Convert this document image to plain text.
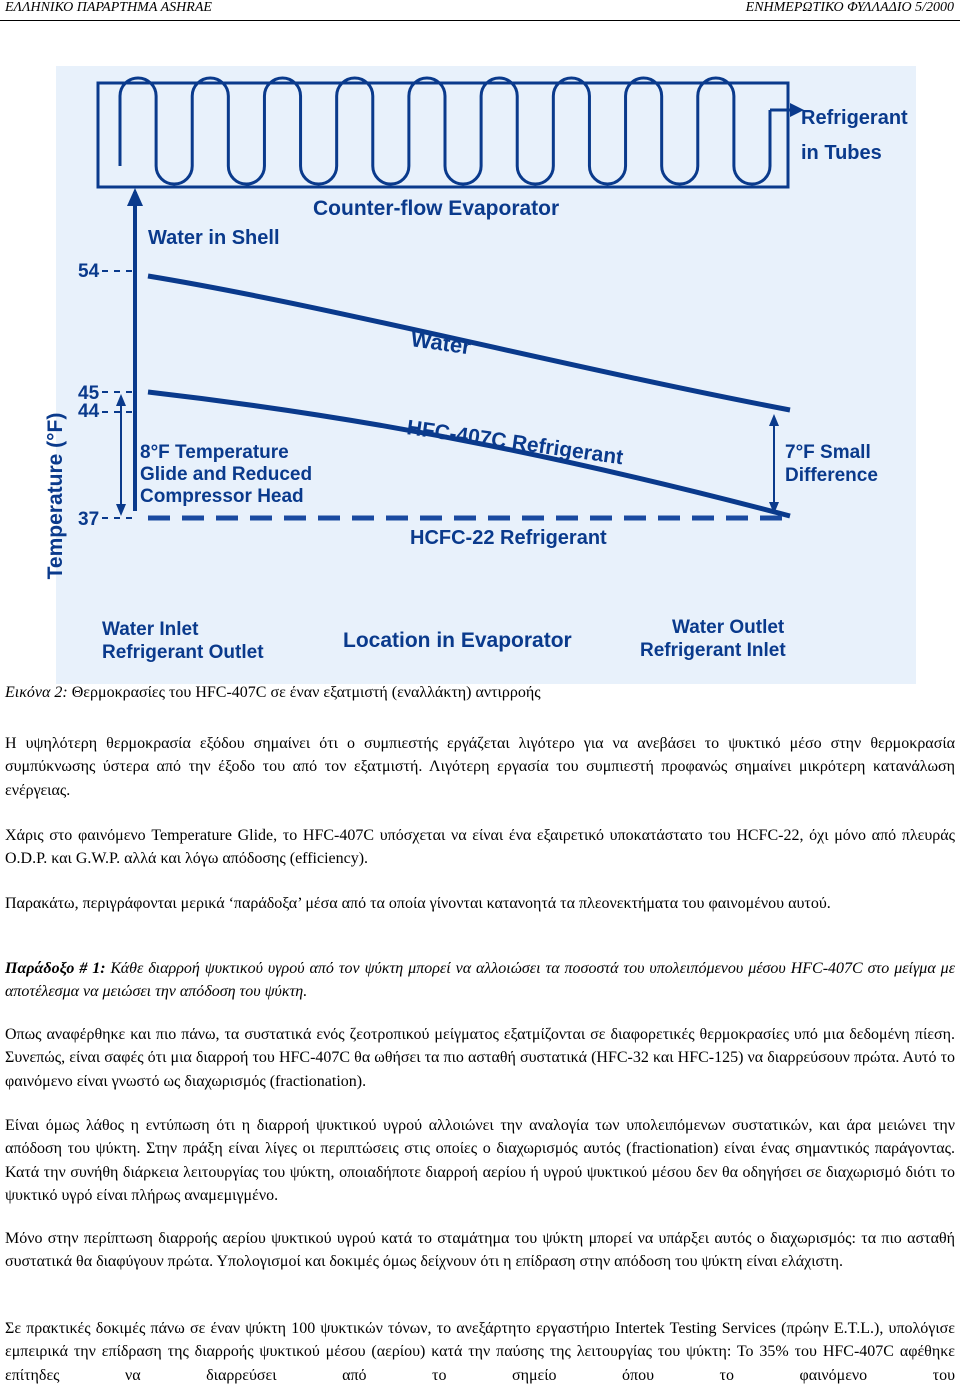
ΕΛΛΗΝΙΚΟ ΠΑΡΑΡΤΗΜΑ ASHRAE	ΕΝΗΜΕΡΩΤΙΚΟ ΦΥΛΛΑΔΙΟ 5/2000
Refrigerant in Tubes
Counter-flow Evaporator
Water in Shell
Temperature (°F)
54
45
44
37
Water
HFC-407C Refrigerant
HCFC-22 Refrigerant
8°F Temperature Glide and Reduced Compressor Head
7°F Small Difference
Water Inlet Refrigerant Outlet
Location in Evaporator
Water Outlet Refrigerant Inlet
Εικόνα 2: Θερμοκρασίες του HFC-407C σε έναν εξατμιστή (εναλλάκτη) αντιρροής
Η υψηλότερη θερμοκρασία εξόδου σημαίνει ότι ο συμπιεστής εργάζεται λιγότερο για να ανεβάσει το ψυκτικό μέσο στην θερμοκρασία συμπύκνωσης ύστερα από την έξοδο του από τον εξατμιστή. Λιγότερη εργασία του συμπιεστή προφανώς σημαίνει μικρότερη κατανάλωση ενέργειας.
Χάρις στο φαινόμενο Temperature Glide, το HFC-407C υπόσχεται να είναι ένα εξαιρετικό υποκατάστατο του HCFC-22, όχι μόνο από πλευράς O.D.P. και G.W.P. αλλά και λόγω απόδοσης (efficiency).
Παρακάτω, περιγράφονται μερικά ‘παράδοξα’ μέσα από τα οποία γίνονται κατανοητά τα πλεονεκτήματα του φαινομένου αυτού.
Παράδοξο # 1: Κάθε διαρροή ψυκτικού υγρού από τον ψύκτη μπορεί να αλλοιώσει τα ποσοστά του υπολειπόμενου μέσου HFC-407C στο μείγμα με αποτέλεσμα να μειώσει την απόδοση του ψύκτη.
Οπως αναφέρθηκε και πιο πάνω, τα συστατικά ενός ζεοτροπικού μείγματος εξατμίζονται σε διαφορετικές θερμοκρασίες υπό μια δεδομένη πίεση. Συνεπώς, είναι σαφές ότι μια διαρροή του HFC-407C θα ωθήσει τα πιο ασταθή συστατικά (HFC-32 και HFC-125) να διαρρεύσουν πρώτα. Αυτό το φαινόμενο είναι γνωστό ως διαχωρισμός (fractionation).
Είναι όμως λάθος η εντύπωση ότι η διαρροή ψυκτικού υγρού αλλοιώνει την αναλογία των υπολειπόμενων συστατικών, και άρα μειώνει την απόδοση του ψύκτη. Στην πράξη είναι λίγες οι περιπτώσεις στις οποίες ο διαχωρισμός αυτός (fractionation) είναι ένας σημαντικός παράγοντας. Κατά την συνήθη διάρκεια λειτουργίας του ψύκτη, οποιαδήποτε διαρροή αερίου ή υγρού ψυκτικού μέσου δεν θα οδηγήσει σε διαχωρισμό διότι το ψυκτικό υγρό είναι πλήρως αναμεμιγμένο.
Μόνο στην περίπτωση διαρροής αερίου ψυκτικού υγρού κατά το σταμάτημα του ψύκτη μπορεί να υπάρξει αυτός ο διαχωρισμός: τα πιο ασταθή συστατικά θα διαφύγουν πρώτα. Υπολογισμοί και δοκιμές όμως δείχνουν ότι η επίδραση στην απόδοση του ψύκτη είναι ελάχιστη.
Σε πρακτικές δοκιμές πάνω σε έναν ψύκτη 100 ψυκτικών τόνων, το ανεξάρτητο εργαστήριο Intertek Testing Services (πρώην E.T.L.), υπολόγισε εμπειρικά την επίδραση της διαρροής ψυκτικού μέσου (αερίου) κατά την παύσης της λειτουργίας του ψύκτη: Το 35% του HFC-407C αφέθηκε επίτηδες να διαρρεύσει από το σημείο όπου το φαινόμενο του
